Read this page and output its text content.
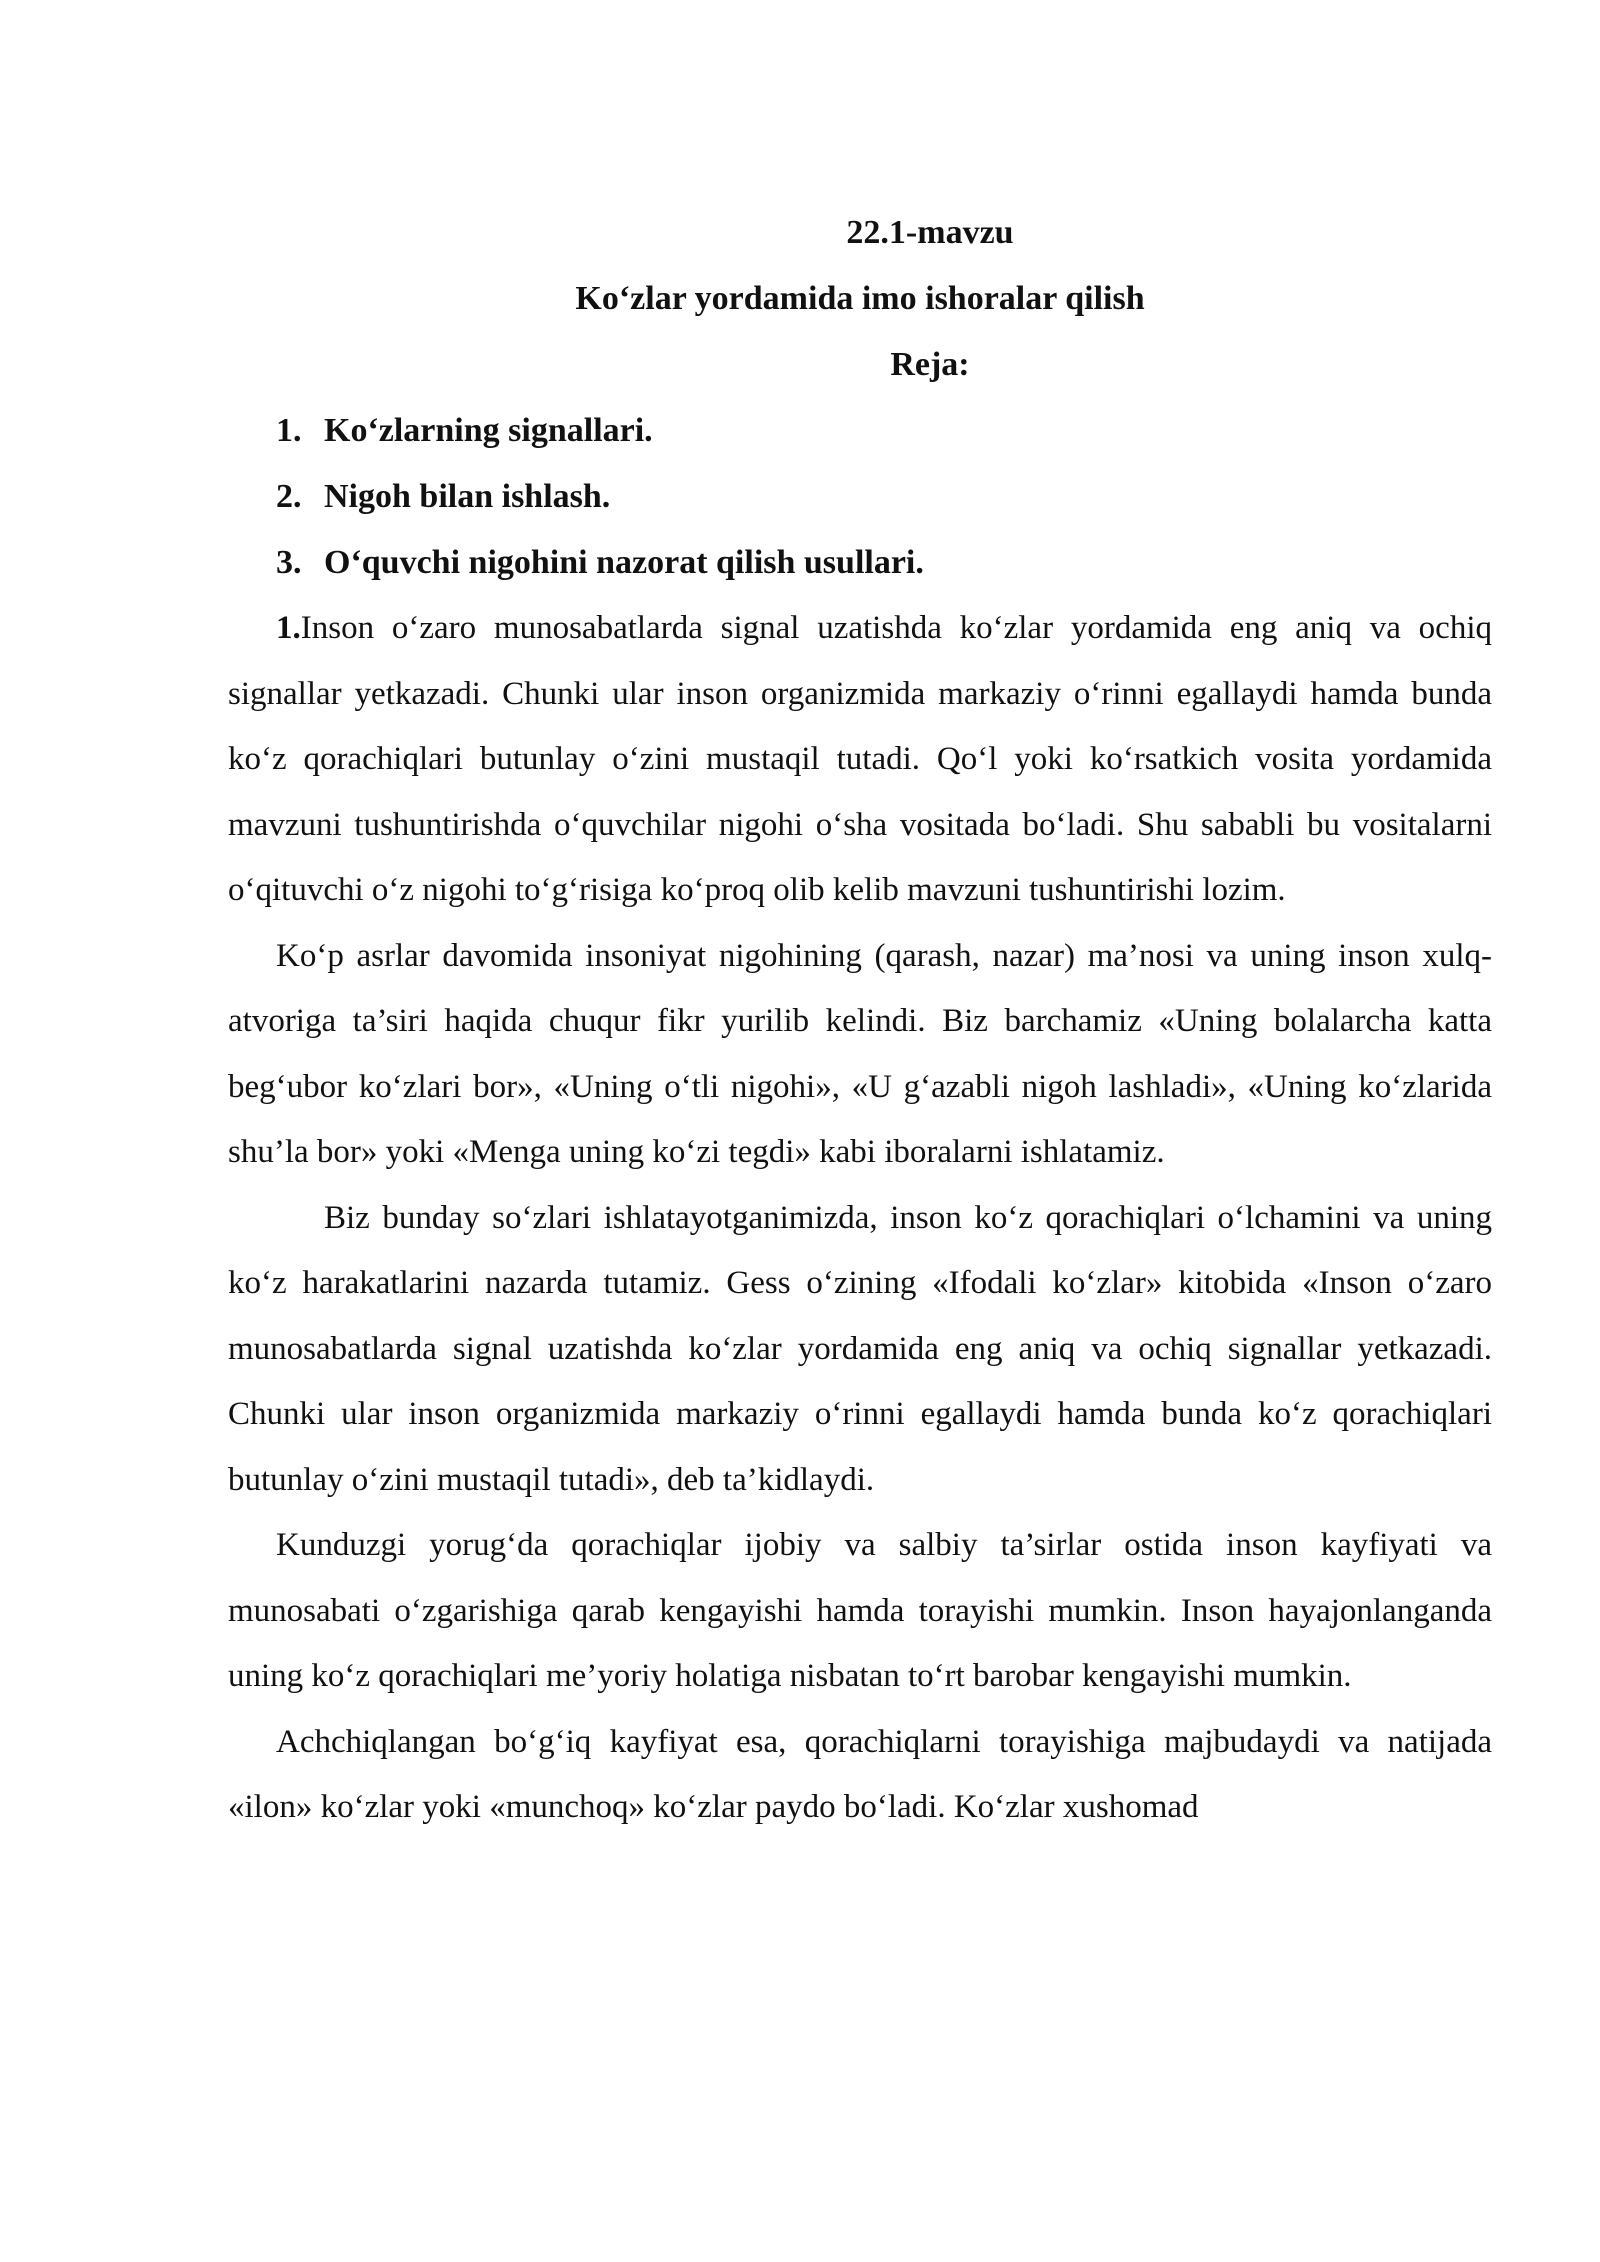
22.1-mavzu
Ko‘zlar yordamida imo ishoralar qilish
Reja:
1. Ko‘zlarning signallari.
2. Nigoh bilan ishlash.
3. O‘quvchi nigohini nazorat qilish usullari.

1.Inson o‘zaro munosabatlarda signal uzatishda ko‘zlar yordamida eng aniq va ochiq signallar yetkazadi. Chunki ular inson organizmida markaziy o‘rinni egallaydi hamda bunda ko‘z qorachiqlari butunlay o‘zini mustaqil tutadi. Qo‘l yoki ko‘rsatkich vosita yordamida mavzuni tushuntirishda o‘quvchilar nigohi o‘sha vositada bo‘ladi. Shu sababli bu vositalarni o‘qituvchi o‘z nigohi to‘g‘risiga ko‘proq olib kelib mavzuni tushuntirishi lozim.

Ko‘p asrlar davomida insoniyat nigohining (qarash, nazar) ma’nosi va uning inson xulq-atvoriga ta’siri haqida chuqur fikr yurilib kelindi. Biz barchamiz «Uning bolalarcha katta beg‘ubor ko‘zlari bor», «Uning o‘tli nigohi», «U g‘azabli nigoh lashladi», «Uning ko‘zlarida shu’la bor» yoki «Menga uning ko‘zi tegdi» kabi iboralarni ishlatamiz.

Biz bunday so‘zlari ishlatayotganimizda, inson ko‘z qorachiqlari o‘lchamini va uning ko‘z harakatlarini nazarda tutamiz. Gess o‘zining «Ifodali ko‘zlar» kitobida «Inson o‘zaro munosabatlarda signal uzatishda ko‘zlar yordamida eng aniq va ochiq signallar yetkazadi. Chunki ular inson organizmida markaziy o‘rinni egallaydi hamda bunda ko‘z qorachiqlari butunlay o‘zini mustaqil tutadi», deb ta’kidlaydi.

Kunduzgi yorug‘da qorachiqlar ijobiy va salbiy ta’sirlar ostida inson kayfiyati va munosabati o‘zgarishiga qarab kengayishi hamda torayishi mumkin. Inson hayajonlanganda uning ko‘z qorachiqlari me’yoriy holatiga nisbatan to‘rt barobar kengayishi mumkin.

Achchiqlangan bo‘g‘iq kayfiyat esa, qorachiqlarni torayishiga majbudaydi va natijada «ilon» ko‘zlar yoki «munchoq» ko‘zlar paydo bo‘ladi. Ko‘zlar xushomad
